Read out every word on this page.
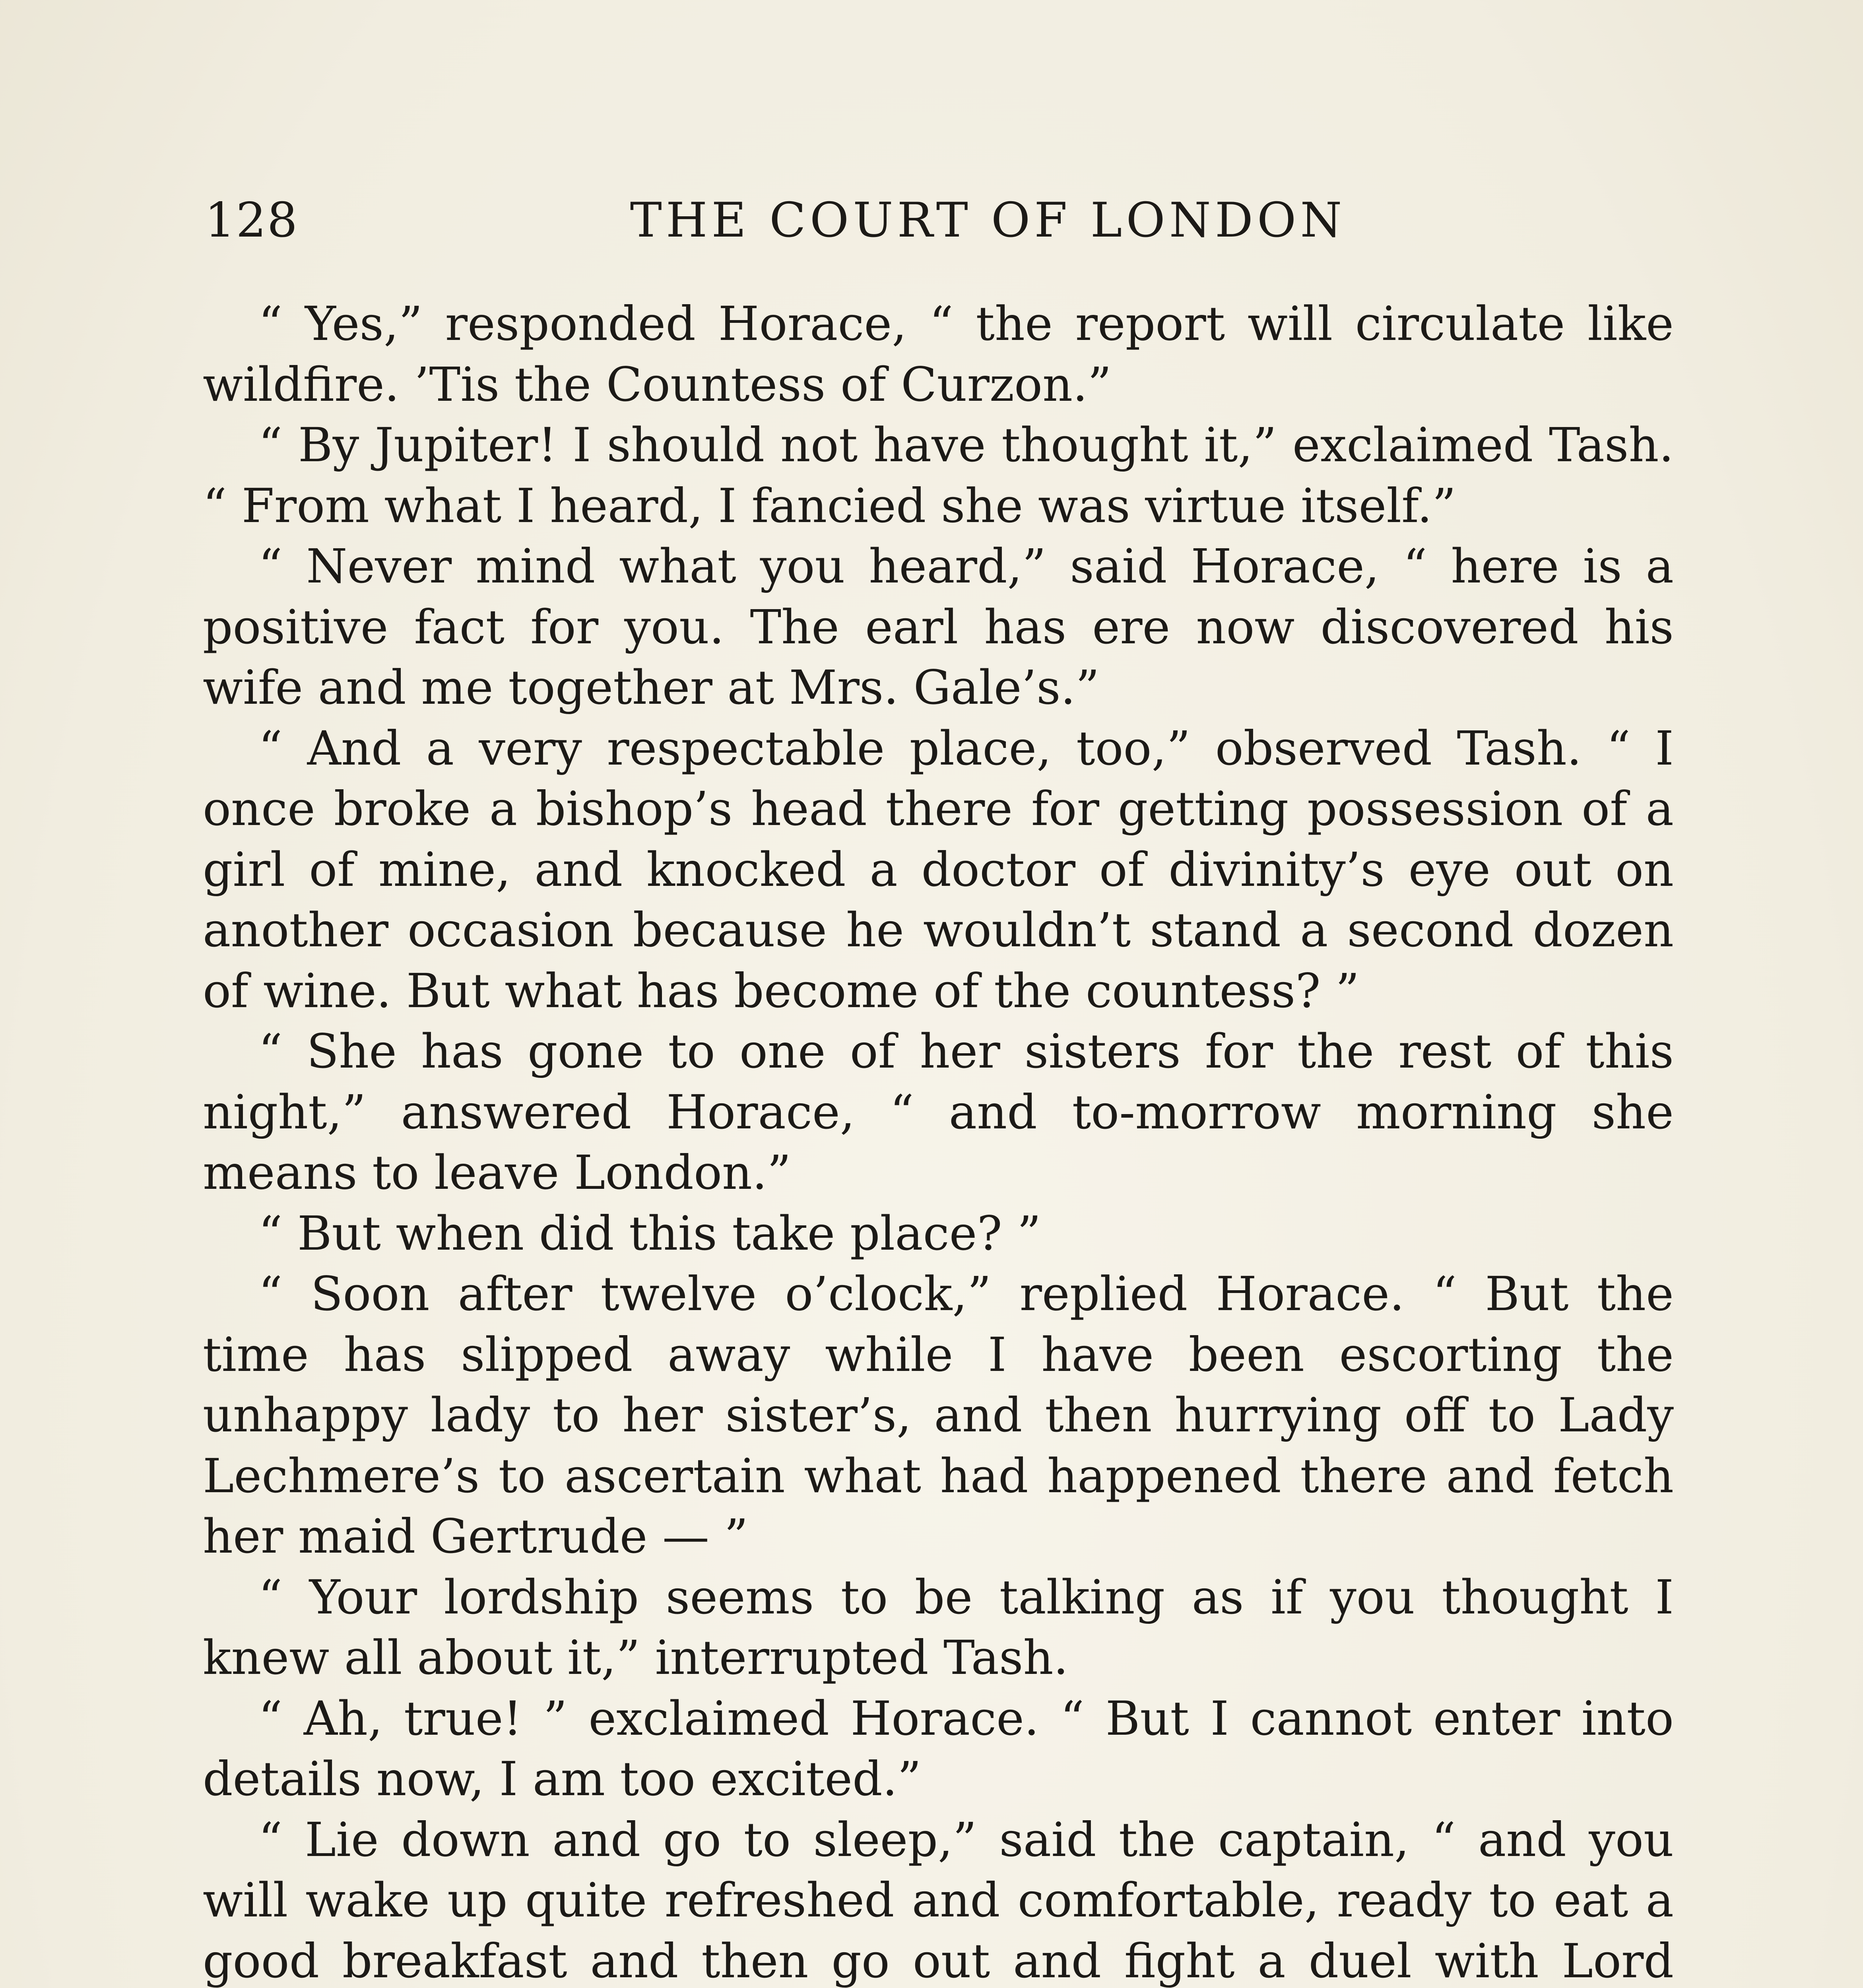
128	THE COURT OF LONDON

“ Yes,” responded Horace, “ the report will circulate like wildfire. ’Tis the Countess of Curzon.”

“ By Jupiter! I should not have thought it,” exclaimed Tash. “ From what I heard, I fancied she was virtue itself.”

“ Never mind what you heard,” said Horace, “ here is a positive fact for you. The earl has ere now discovered his wife and me together at Mrs. Gale’s.”

“ And a very respectable place, too,” observed Tash. “ I once broke a bishop’s head there for getting possession of a girl of mine, and knocked a doctor of divinity’s eye out on another occasion because he wouldn’t stand a second dozen of wine. But what has become of the countess? ”

“ She has gone to one of her sisters for the rest of this night,” answered Horace, “ and to-morrow morning she means to leave London.”

“ But when did this take place? ”

“ Soon after twelve o’clock,” replied Horace. “ But the time has slipped away while I have been escorting the unhappy lady to her sister’s, and then hurrying off to Lady Lechmere’s to ascertain what had happened there and fetch her maid Gertrude — ”

“ Your lordship seems to be talking as if you thought I knew all about it,” interrupted Tash.

“ Ah, true! ” exclaimed Horace. “ But I cannot enter into details now, I am too excited.”

“ Lie down and go to sleep,” said the captain, “ and you will wake up quite refreshed and comfortable, ready to eat a good breakfast and then go out and fight a duel with Lord
